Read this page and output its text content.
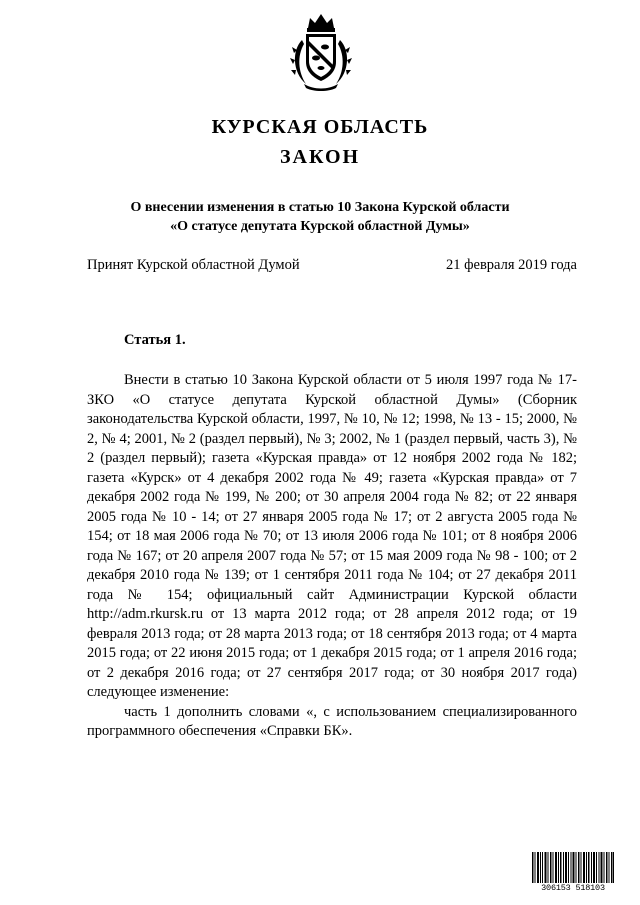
КУРСКАЯ ОБЛАСТЬ
ЗАКОН
О внесении изменения в статью 10 Закона Курской области
«О статусе депутата Курской областной Думы»
Принят Курской областной Думой	21 февраля 2019 года
Статья 1.

Внести в статью 10 Закона Курской области от 5 июля 1997 года № 17-ЗКО «О статусе депутата Курской областной Думы» (Сборник законодательства Курской области, 1997, № 10, № 12; 1998, № 13 - 15; 2000, № 2, № 4; 2001, № 2 (раздел первый), № 3; 2002, № 1 (раздел первый, часть 3), № 2 (раздел первый); газета «Курская правда» от 12 ноября 2002 года № 182; газета «Курск» от 4 декабря 2002 года № 49; газета «Курская правда» от 7 декабря 2002 года № 199, № 200; от 30 апреля 2004 года № 82; от 22 января 2005 года № 10 - 14; от 27 января 2005 года № 17; от 2 августа 2005 года № 154; от 18 мая 2006 года № 70; от 13 июля 2006 года № 101; от 8 ноября 2006 года № 167; от 20 апреля 2007 года № 57; от 15 мая 2009 года № 98 - 100; от 2 декабря 2010 года № 139; от 1 сентября 2011 года № 104; от 27 декабря 2011 года № 154; официальный сайт Администрации Курской области http://adm.rkursk.ru от 13 марта 2012 года; от 28 апреля 2012 года; от 19 февраля 2013 года; от 28 марта 2013 года; от 18 сентября 2013 года; от 4 марта 2015 года; от 22 июня 2015 года; от 1 декабря 2015 года; от 1 апреля 2016 года; от 2 декабря 2016 года; от 27 сентября 2017 года; от 30 ноября 2017 года) следующее изменение:

часть 1 дополнить словами «, с использованием специализированного программного обеспечения «Справки БК».

306153 518103
